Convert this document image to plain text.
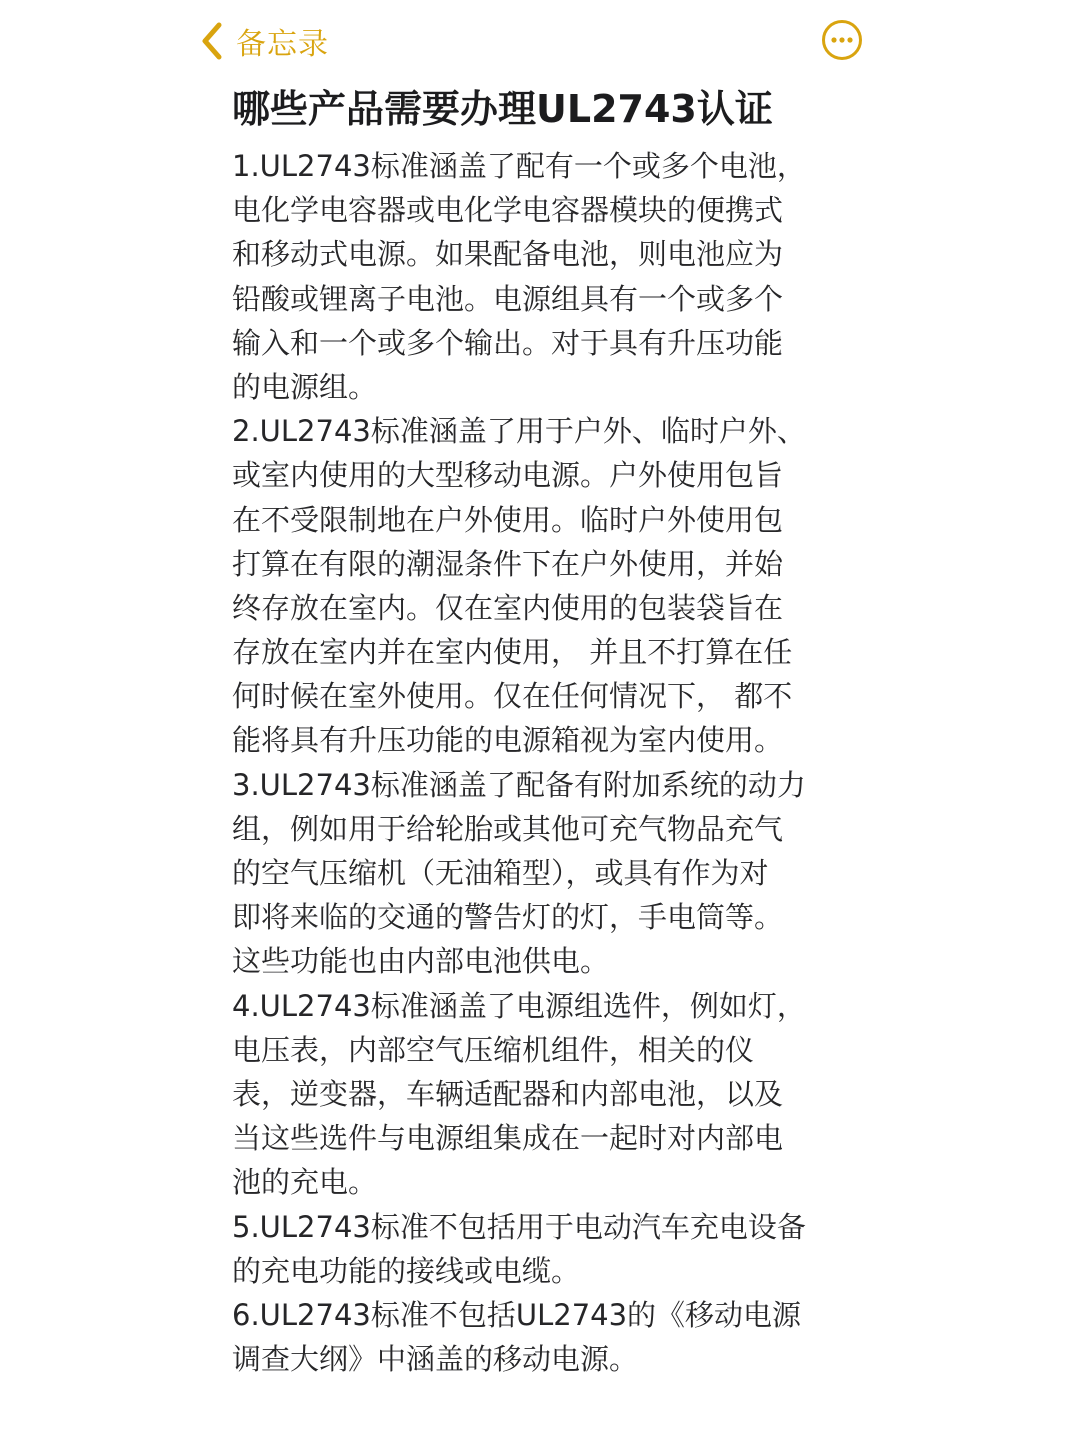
备忘录
哪些产品需要办理UL2743认证
1.UL2743标准涵盖了配有一个或多个电池，
电化学电容器或电化学电容器模块的便携式
和移动式电源。如果配备电池，则电池应为
铅酸或锂离子电池。电源组具有一个或多个
输入和一个或多个输出。对于具有升压功能
的电源组。
2.UL2743标准涵盖了用于户外、临时户外、
或室内使用的大型移动电源。户外使用包旨
在不受限制地在户外使用。临时户外使用包
打算在有限的潮湿条件下在户外使用，并始
终存放在室内。仅在室内使用的包装袋旨在
存放在室内并在室内使用， 并且不打算在任
何时候在室外使用。仅在任何情况下， 都不
能将具有升压功能的电源箱视为室内使用。
3.UL2743标准涵盖了配备有附加系统的动力
组，例如用于给轮胎或其他可充气物品充气
的空气压缩机（无油箱型），或具有作为对
即将来临的交通的警告灯的灯，手电筒等。
这些功能也由内部电池供电。
4.UL2743标准涵盖了电源组选件，例如灯，
电压表，内部空气压缩机组件，相关的仪
表，逆变器，车辆适配器和内部电池，以及
当这些选件与电源组集成在一起时对内部电
池的充电。
5.UL2743标准不包括用于电动汽车充电设备
的充电功能的接线或电缆。
6.UL2743标准不包括UL2743的《移动电源
调查大纲》中涵盖的移动电源。
